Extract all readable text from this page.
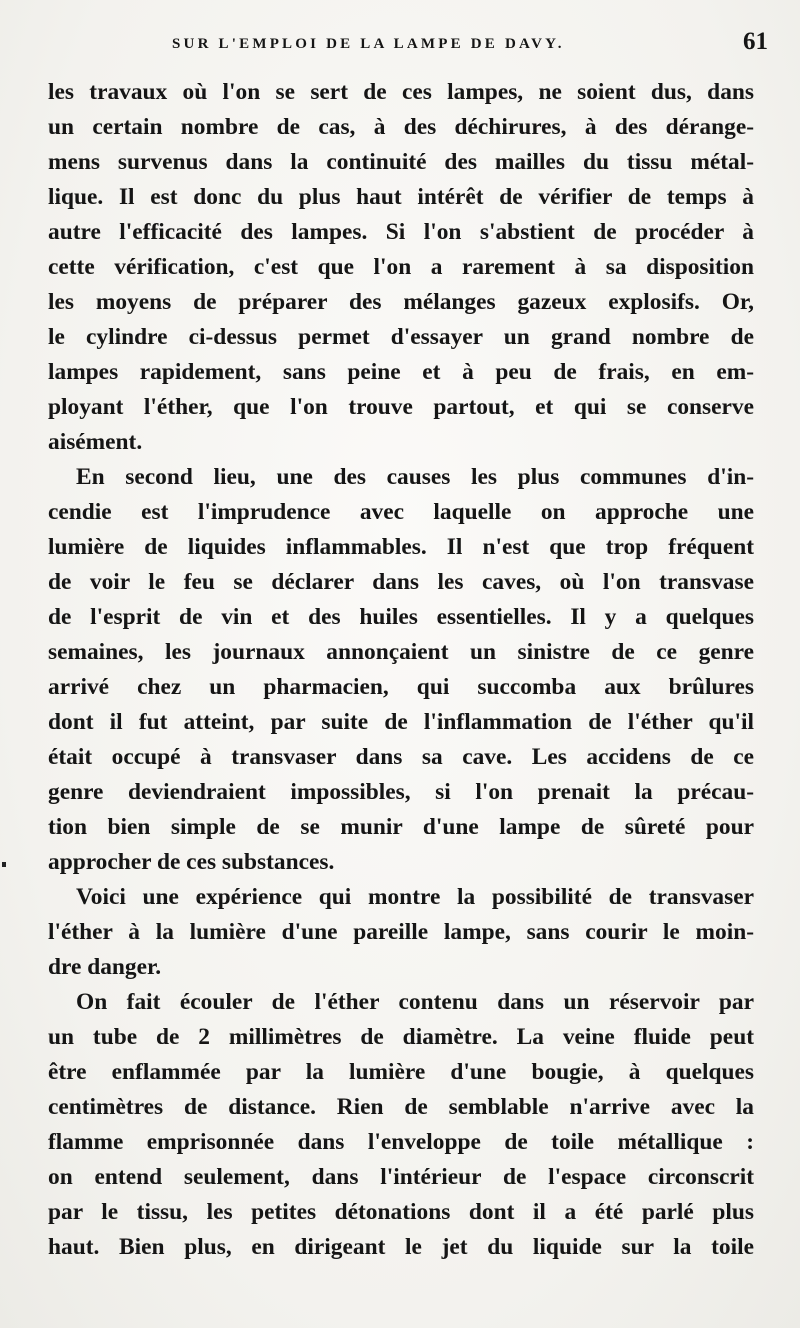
SUR L'EMPLOI DE LA LAMPE DE DAVY.	61
les travaux où l'on se sert de ces lampes, ne soient dus, dans
un certain nombre de cas, à des déchirures, à des dérange-
mens survenus dans la continuité des mailles du tissu métal-
lique. Il est donc du plus haut intérêt de vérifier de temps à
autre l'efficacité des lampes. Si l'on s'abstient de procéder à
cette vérification, c'est que l'on a rarement à sa disposition
les moyens de préparer des mélanges gazeux explosifs. Or,
le cylindre ci-dessus permet d'essayer un grand nombre de
lampes rapidement, sans peine et à peu de frais, en em-
ployant l'éther, que l'on trouve partout, et qui se conserve
aisément.
En second lieu, une des causes les plus communes d'in-
cendie est l'imprudence avec laquelle on approche une
lumière de liquides inflammables. Il n'est que trop fréquent
de voir le feu se déclarer dans les caves, où l'on transvase
de l'esprit de vin et des huiles essentielles. Il y a quelques
semaines, les journaux annonçaient un sinistre de ce genre
arrivé chez un pharmacien, qui succomba aux brûlures
dont il fut atteint, par suite de l'inflammation de l'éther qu'il
était occupé à transvaser dans sa cave. Les accidens de ce
genre deviendraient impossibles, si l'on prenait la précau-
tion bien simple de se munir d'une lampe de sûreté pour
approcher de ces substances.
Voici une expérience qui montre la possibilité de transvaser
l'éther à la lumière d'une pareille lampe, sans courir le moin-
dre danger.
On fait écouler de l'éther contenu dans un réservoir par
un tube de 2 millimètres de diamètre. La veine fluide peut
être enflammée par la lumière d'une bougie, à quelques
centimètres de distance. Rien de semblable n'arrive avec la
flamme emprisonnée dans l'enveloppe de toile métallique :
on entend seulement, dans l'intérieur de l'espace circonscrit
par le tissu, les petites détonations dont il a été parlé plus
haut. Bien plus, en dirigeant le jet du liquide sur la toile
